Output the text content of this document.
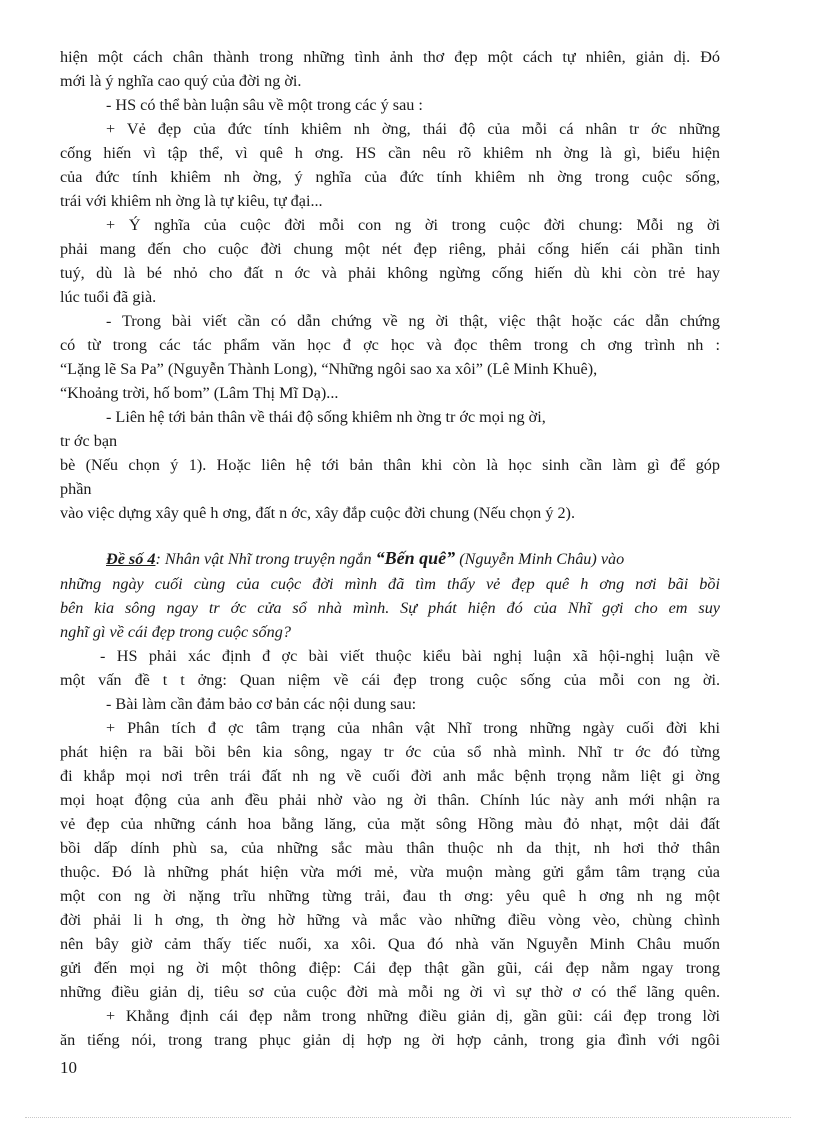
hiện một cách chân thành trong những tình ảnh thơ đẹp một cách tự nhiên, giản dị. Đó
mới là ý nghĩa cao quý của đời ng ời.
- HS có thể bàn luận sâu về một trong các ý sau :
+ Vẻ đẹp của đức tính khiêm nh ờng, thái độ của mỗi cá nhân tr ớc những
cống hiến vì tập thể, vì quê h ơng. HS cần nêu rõ khiêm nh ờng là gì, biểu hiện
của đức tính khiêm nh ờng, ý nghĩa của đức tính khiêm nh ờng trong cuộc sống,
trái với khiêm nh ờng là tự kiêu, tự đại...
+ Ý nghĩa của cuộc đời mỗi con ng ời trong cuộc đời chung: Mỗi ng ời
phải mang đến cho cuộc đời chung một nét đẹp riêng, phải cống hiến cái phần tinh
tuý, dù là bé nhỏ cho đất n ớc và phải không ngừng cống hiến dù khi còn trẻ hay
lúc tuổi đã già.
- Trong bài viết cần có dẫn chứng về ng ời thật, việc thật hoặc các dẫn chứng
có từ trong các tác phẩm văn học đ ợc học và đọc thêm trong ch ơng trình nh :
“Lặng lẽ Sa Pa” (Nguyễn Thành Long), “Những ngôi sao xa xôi” (Lê Minh Khuê),
“Khoảng trời, hố bom” (Lâm Thị Mĩ Dạ)...
- Liên hệ tới bản thân về thái độ sống khiêm nh ờng tr ớc mọi ng ời,
tr ớc bạn
bè (Nếu chọn ý 1). Hoặc liên hệ tới bản thân khi còn là học sinh cần làm gì để góp
phần
vào việc dựng xây quê h ơng, đất n ớc, xây đắp cuộc đời chung (Nếu chọn ý 2).
Đề số 4: Nhân vật Nhĩ trong truyện ngắn “Bến quê” (Nguyễn Minh Châu) vào
những ngày cuối cùng của cuộc đời mình đã tìm thấy vẻ đẹp quê h ơng nơi bãi bồi
bên kia sông ngay tr ớc cửa sổ nhà mình. Sự phát hiện đó của Nhĩ gợi cho em suy
nghĩ gì về cái đẹp trong cuộc sống?
- HS phải xác định đ ợc bài viết thuộc kiểu bài nghị luận xã hội-nghị luận về
một vấn đề t t ởng: Quan niệm về cái đẹp trong cuộc sống của mỗi con ng ời.
- Bài làm cần đảm bảo cơ bản các nội dung sau:
+ Phân tích đ ợc tâm trạng của nhân vật Nhĩ trong những ngày cuối đời khi
phát hiện ra bãi bồi bên kia sông, ngay tr ớc của sổ nhà mình. Nhĩ tr ớc đó từng
đi khắp mọi nơi trên trái đất nh ng về cuối đời anh mắc bệnh trọng nằm liệt gi ờng
mọi hoạt động của anh đều phải nhờ vào ng ời thân. Chính lúc này anh mới nhận ra
vẻ đẹp của những cánh hoa bằng lăng, của mặt sông Hồng màu đỏ nhạt, một dải đất
bồi dấp dính phù sa, của những sắc màu thân thuộc nh da thịt, nh hơi thở thân
thuộc. Đó là những phát hiện vừa mới mẻ, vừa muộn màng gửi gắm tâm trạng của
một con ng ời nặng trĩu những từng trải, đau th ơng: yêu quê h ơng nh ng một
đời phải li h ơng, th ờng hờ hững và mắc vào những điều vòng vèo, chùng chình
nên bây giờ cảm thấy tiếc nuối, xa xôi. Qua đó nhà văn Nguyễn Minh Châu muốn
gửi đến mọi ng ời một thông điệp: Cái đẹp thật gần gũi, cái đẹp nằm ngay trong
những điều giản dị, tiêu sơ của cuộc đời mà mỗi ng ời vì sự thờ ơ có thể lãng quên.
+ Khẳng định cái đẹp nằm trong những điều giản dị, gần gũi: cái đẹp trong lời
ăn tiếng nói, trong trang phục giản dị hợp ng ời hợp cảnh, trong gia đình với ngôi
10
